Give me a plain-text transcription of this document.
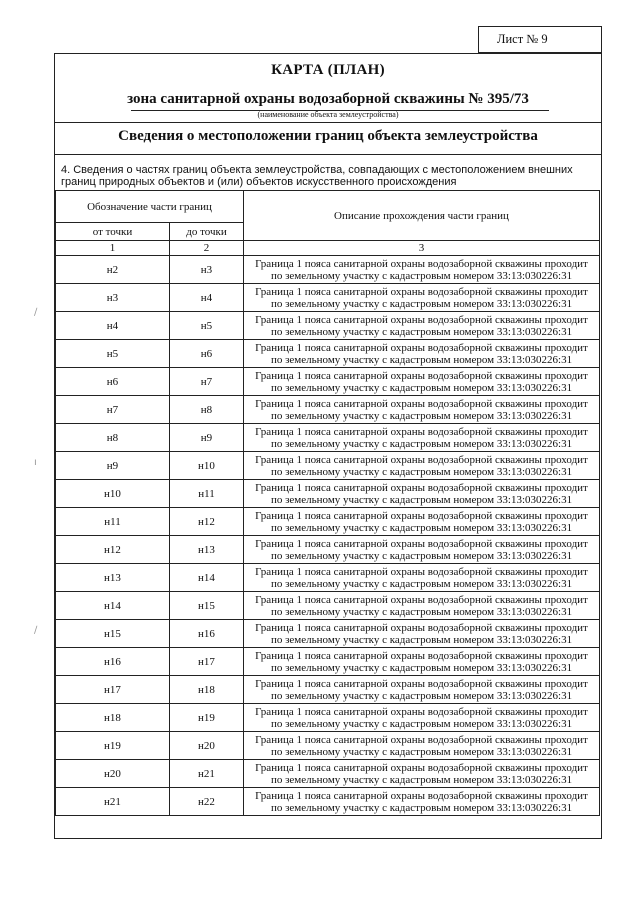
Лист № 9
КАРТА (ПЛАН)
зона санитарной охраны водозаборной скважины № 395/73
(наименование объекта землеустройства)
Сведения о местоположении границ объекта землеустройства
4. Сведения о частях границ объекта землеустройства, совпадающих с местоположением внешних
границ природных объектов и (или) объектов искусственного происхождения
Обозначение части границ		Описание прохождения части границ
от точки	до точки	
1	2	3
н2	н3	Граница 1 пояса санитарной охраны водозаборной скважины проходит
по земельному участку с кадастровым номером 33:13:030226:31

н3	н4	Граница 1 пояса санитарной охраны водозаборной скважины проходит
по земельному участку с кадастровым номером 33:13:030226:31

н4	н5	Граница 1 пояса санитарной охраны водозаборной скважины проходит
по земельному участку с кадастровым номером 33:13:030226:31

н5	н6	Граница 1 пояса санитарной охраны водозаборной скважины проходит
по земельному участку с кадастровым номером 33:13:030226:31

н6	н7	Граница 1 пояса санитарной охраны водозаборной скважины проходит
по земельному участку с кадастровым номером 33:13:030226:31

н7	н8	Граница 1 пояса санитарной охраны водозаборной скважины проходит
по земельному участку с кадастровым номером 33:13:030226:31

н8	н9	Граница 1 пояса санитарной охраны водозаборной скважины проходит
по земельному участку с кадастровым номером 33:13:030226:31

н9	н10	Граница 1 пояса санитарной охраны водозаборной скважины проходит
по земельному участку с кадастровым номером 33:13:030226:31

н10	н11	Граница 1 пояса санитарной охраны водозаборной скважины проходит
по земельному участку с кадастровым номером 33:13:030226:31

н11	н12	Граница 1 пояса санитарной охраны водозаборной скважины проходит
по земельному участку с кадастровым номером 33:13:030226:31

н12	н13	Граница 1 пояса санитарной охраны водозаборной скважины проходит
по земельному участку с кадастровым номером 33:13:030226:31

н13	н14	Граница 1 пояса санитарной охраны водозаборной скважины проходит
по земельному участку с кадастровым номером 33:13:030226:31

н14	н15	Граница 1 пояса санитарной охраны водозаборной скважины проходит
по земельному участку с кадастровым номером 33:13:030226:31

н15	н16	Граница 1 пояса санитарной охраны водозаборной скважины проходит
по земельному участку с кадастровым номером 33:13:030226:31

н16	н17	Граница 1 пояса санитарной охраны водозаборной скважины проходит
по земельному участку с кадастровым номером 33:13:030226:31

н17	н18	Граница 1 пояса санитарной охраны водозаборной скважины проходит
по земельному участку с кадастровым номером 33:13:030226:31

н18	н19	Граница 1 пояса санитарной охраны водозаборной скважины проходит
по земельному участку с кадастровым номером 33:13:030226:31

н19	н20	Граница 1 пояса санитарной охраны водозаборной скважины проходит
по земельному участку с кадастровым номером 33:13:030226:31

н20	н21	Граница 1 пояса санитарной охраны водозаборной скважины проходит
по земельному участку с кадастровым номером 33:13:030226:31

н21	н22	Граница 1 пояса санитарной охраны водозаборной скважины проходит
по земельному участку с кадастровым номером 33:13:030226:31
∕
ı
∕
